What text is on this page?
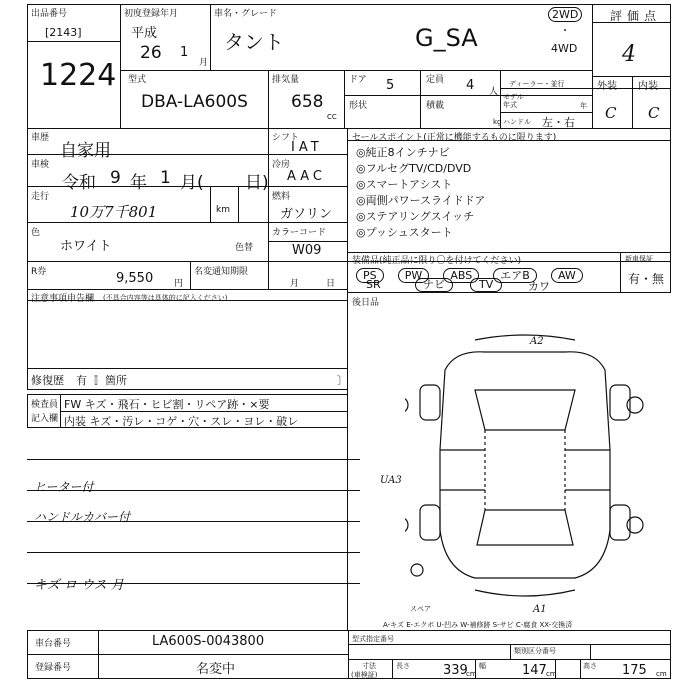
出品番号
[2143]
1224
初度登録年月
平成
26 1
月
車名・グレード
タント	G_SA
2WD
・
4WD
評価点
4
外装 内装
C C
型式
DBA-LA600S
排気量
658
CC
ドア 5	定員 4 人
ディーラー・並行
形状	積載
kg
モデル
年式	年
ハンドル 左・右
車歴
自家用
車検
令和 9 年 1 月( 日)
走行
10万7千801	km
色
ホワイト	色替
シフト
IAT
冷房
AAC
燃料
ガソリン
カラーコード
W09
R券	9,550 円
名変通知期限
月	日
注意事項申告欄 (不具合内容等は具体的に記入ください)
修復歴 有〔
〕箇所	〕
検査員
記入欄
FW キズ・飛石・ヒビ割・リペア跡・×要
内装 キズ・汚レ・コゲ・穴・スレ・ヨレ・破レ
ヒーター付
ハンドルカバー付
キズ ロ ウス 月
セールスポイント(正常に機能するものに限ります)
◎純正8インチナビ
◎フルセグTV/CD/DVD
◎スマートアシスト
◎両側パワースライドドア
◎ステアリングスイッチ
◎プッシュスタート
装備品(純正品に限り〇を付けてください)
PS	PW	ABS	エアB	AW
SR	ナビ	TV	カワ
新車保証
有・無
後日品
A2
UA3
A1
スペア
A-キズ E-エクボ U-凹み W-補修跡 S-サビ C-腐食 XX-交換済
車台番号	LA600S-0043800
登録番号	名変中
型式指定番号
類別区分番号
寸法
(車検証)
長さ	339
cm
幅	147 cm
高さ 175 cm
